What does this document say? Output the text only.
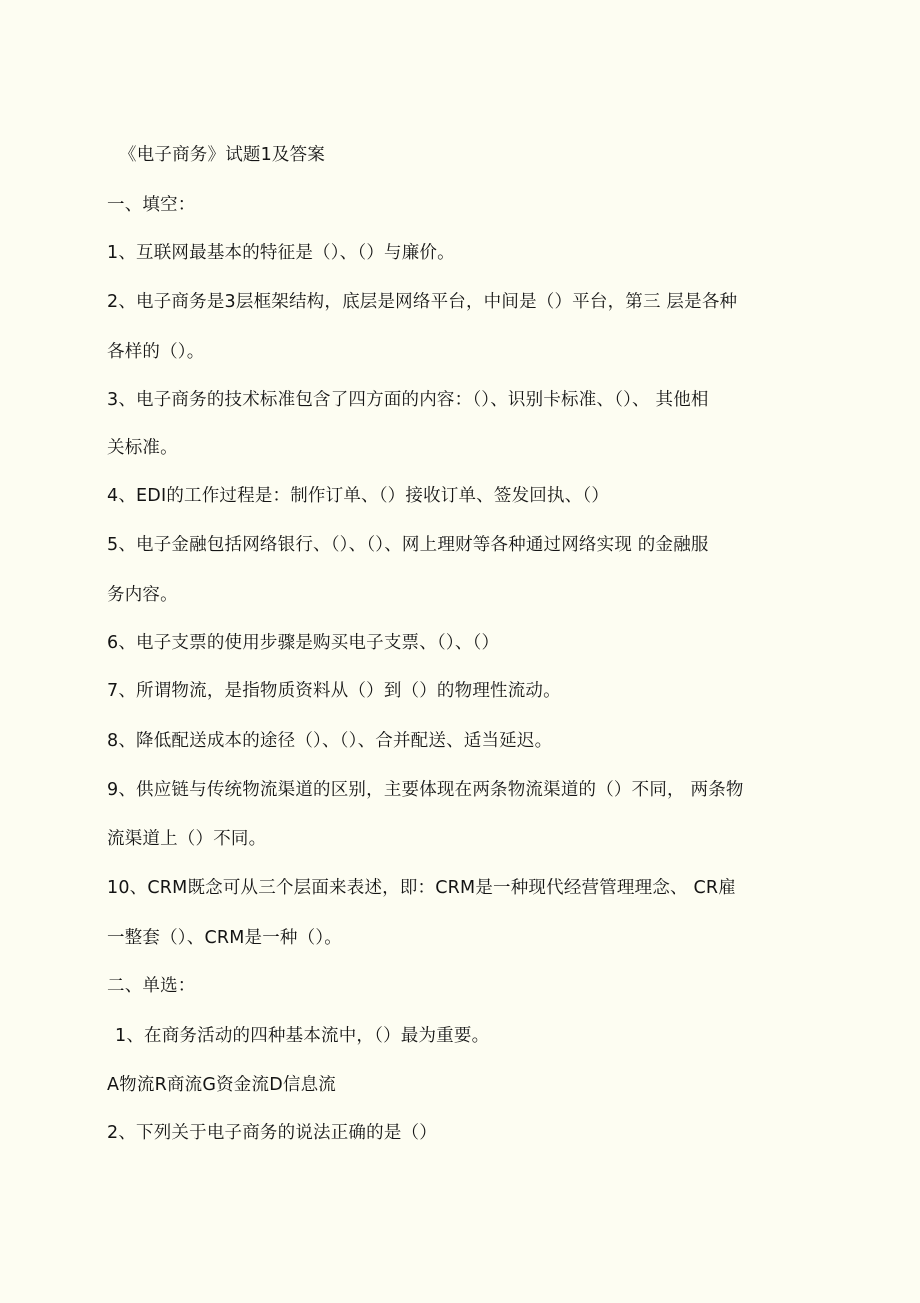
《电子商务》试题1及答案
一、填空：
1、互联网最基本的特征是（）、（）与廉价。
2、电子商务是3层框架结构，底层是网络平台，中间是（）平台，第三 层是各种
各样的（）。
3、电子商务的技术标准包含了四方面的内容：（）、识别卡标准、（）、 其他相
关标准。
4、EDI的工作过程是：制作订单、（）接收订单、签发回执、（）
5、电子金融包括网络银行、（）、（）、网上理财等各种通过网络实现 的金融服
务内容。
6、电子支票的使用步骤是购买电子支票、（）、（）
7、所谓物流，是指物质资料从（）到（）的物理性流动。
8、降低配送成本的途径（）、（）、合并配送、适当延迟。
9、供应链与传统物流渠道的区别，主要体现在两条物流渠道的（）不同， 两条物
流渠道上（）不同。
10、CRM既念可从三个层面来表述，即：CRM是一种现代经营管理理念、 CR雇
一整套（）、CRM是一种（）。
二、单选：
1、在商务活动的四种基本流中，（）最为重要。
A物流R商流G资金流D信息流
2、下列关于电子商务的说法正确的是（）
